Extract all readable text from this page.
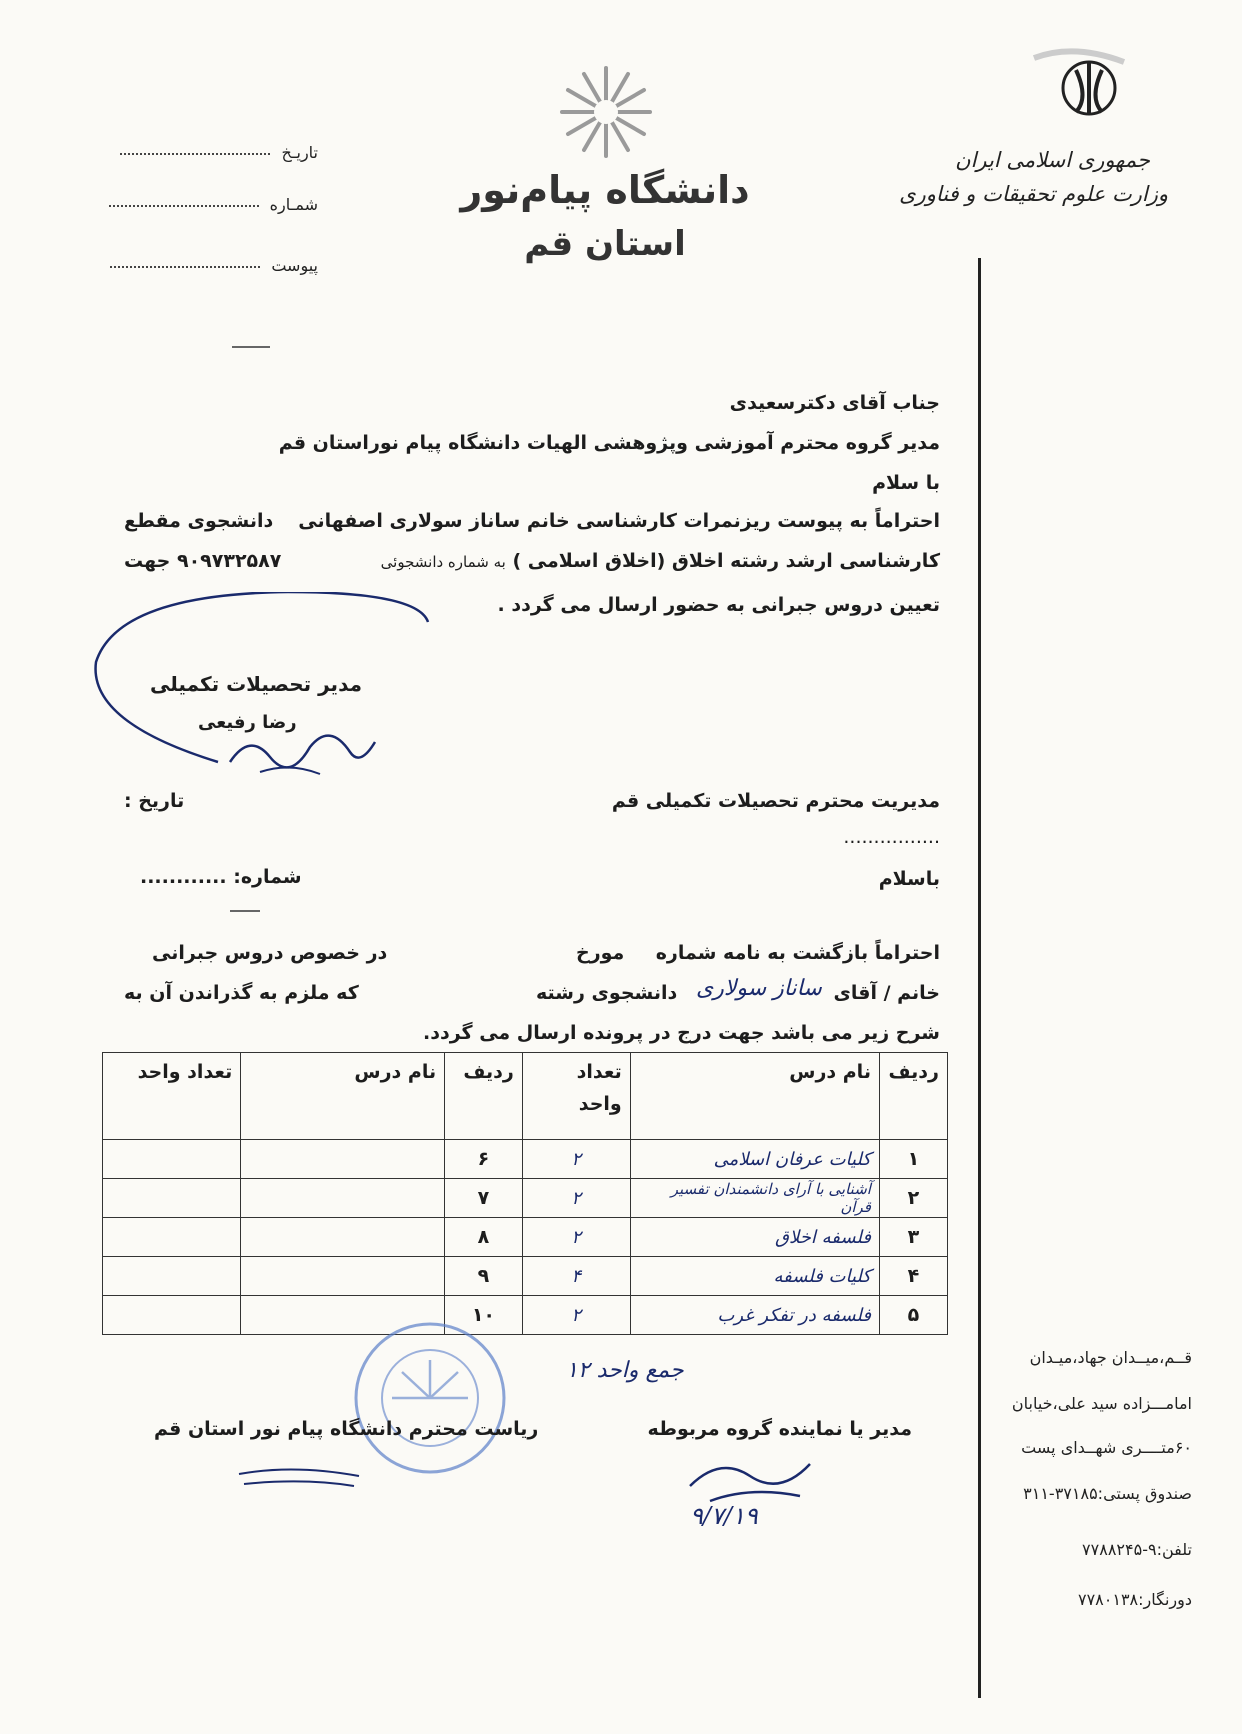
جمهوری اسلامی ایران
وزارت علوم تحقیقات و فناوری
دانشگاه پیام‌نور
استان قم
تاریـخ
شمـاره
پیوست
جناب آقای دکترسعیدی
مدیر گروه محترم آموزشی وپژوهشی الهیات دانشگاه پیام نوراستان قم
با سلام
احتراماً به پیوست ریزنمرات کارشناسی خانم ساناز سولاری اصفهانی
دانشجوی مقطع
کارشناسی ارشد رشته اخلاق (اخلاق اسلامی ) به شماره دانشجوئی
۹۰۹۷۳۲۵۸۷ جهت
تعیین دروس جبرانی به حضور ارسال می گردد .
مدیر تحصیلات تکمیلی
رضا رفیعی
مدیریت محترم تحصیلات تکمیلی قم
تاریخ :
................
شماره: ............	باسلام
احتراماً بازگشت به نامه شماره
مورخ
در خصوص دروس جبرانی
خانم / آقای
ساناز سولاری
دانشجوی رشته
که ملزم به گذراندن آن به
شرح زیر می باشد جهت درج در پرونده ارسال می گردد.
ردیف	نام درس	تعداد
واحد	ردیف	نام درس	تعداد واحد
۱	کلیات عرفان اسلامی	۲	۶		
۲	آشنایی با آرای دانشمندان تفسیر قرآن	۲	۷		
۳	فلسفه اخلاق	۲	۸		
۴	کلیات فلسفه	۴	۹		
۵	فلسفه در تفکر غرب	۲	۱۰		
جمع واحد ۱۲
مدیر یا نماینده گروه مربوطه
۹/۷/۱۹
ریاست محترم دانشگاه پیام نور استان قم
قــم،میــدان جهاد،میـدان
امامـــزاده سید علی،خیابان
۶۰متــــری شهــدای پست
صندوق پستی:۳۷۱۸۵-۳۱۱
تلفن:۹-۷۷۸۸۲۴۵
دورنگار:۷۷۸۰۱۳۸
